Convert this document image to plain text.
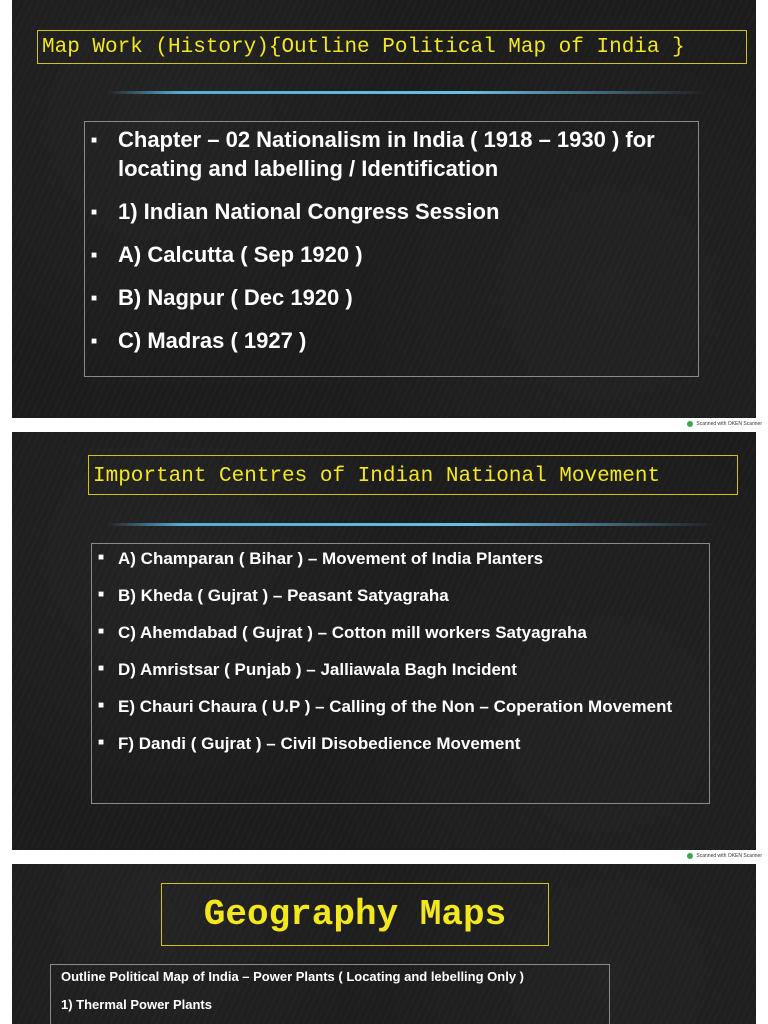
Map Work (History){Outline Political Map of India }
■ Chapter – 02 Nationalism in India ( 1918 – 1930 ) for locating and labelling / Identification
■ 1) Indian National Congress Session
■ A) Calcutta ( Sep 1920 )
■ B) Nagpur ( Dec 1920 )
■ C) Madras ( 1927 )
Scanned with OKEN Scanner
Important Centres of Indian National Movement
■ A) Champaran ( Bihar ) – Movement of India Planters
■ B) Kheda ( Gujrat ) – Peasant Satyagraha
■ C) Ahemdabad ( Gujrat ) – Cotton mill workers Satyagraha
■ D) Amristsar ( Punjab ) – Jalliawala Bagh Incident
■ E) Chauri Chaura ( U.P ) – Calling of the Non – Coperation Movement
■ F) Dandi ( Gujrat ) – Civil Disobedience Movement
Scanned with OKEN Scanner
Geography Maps
Outline Political Map of India – Power Plants ( Locating and lebelling Only )
1) Thermal Power Plants
